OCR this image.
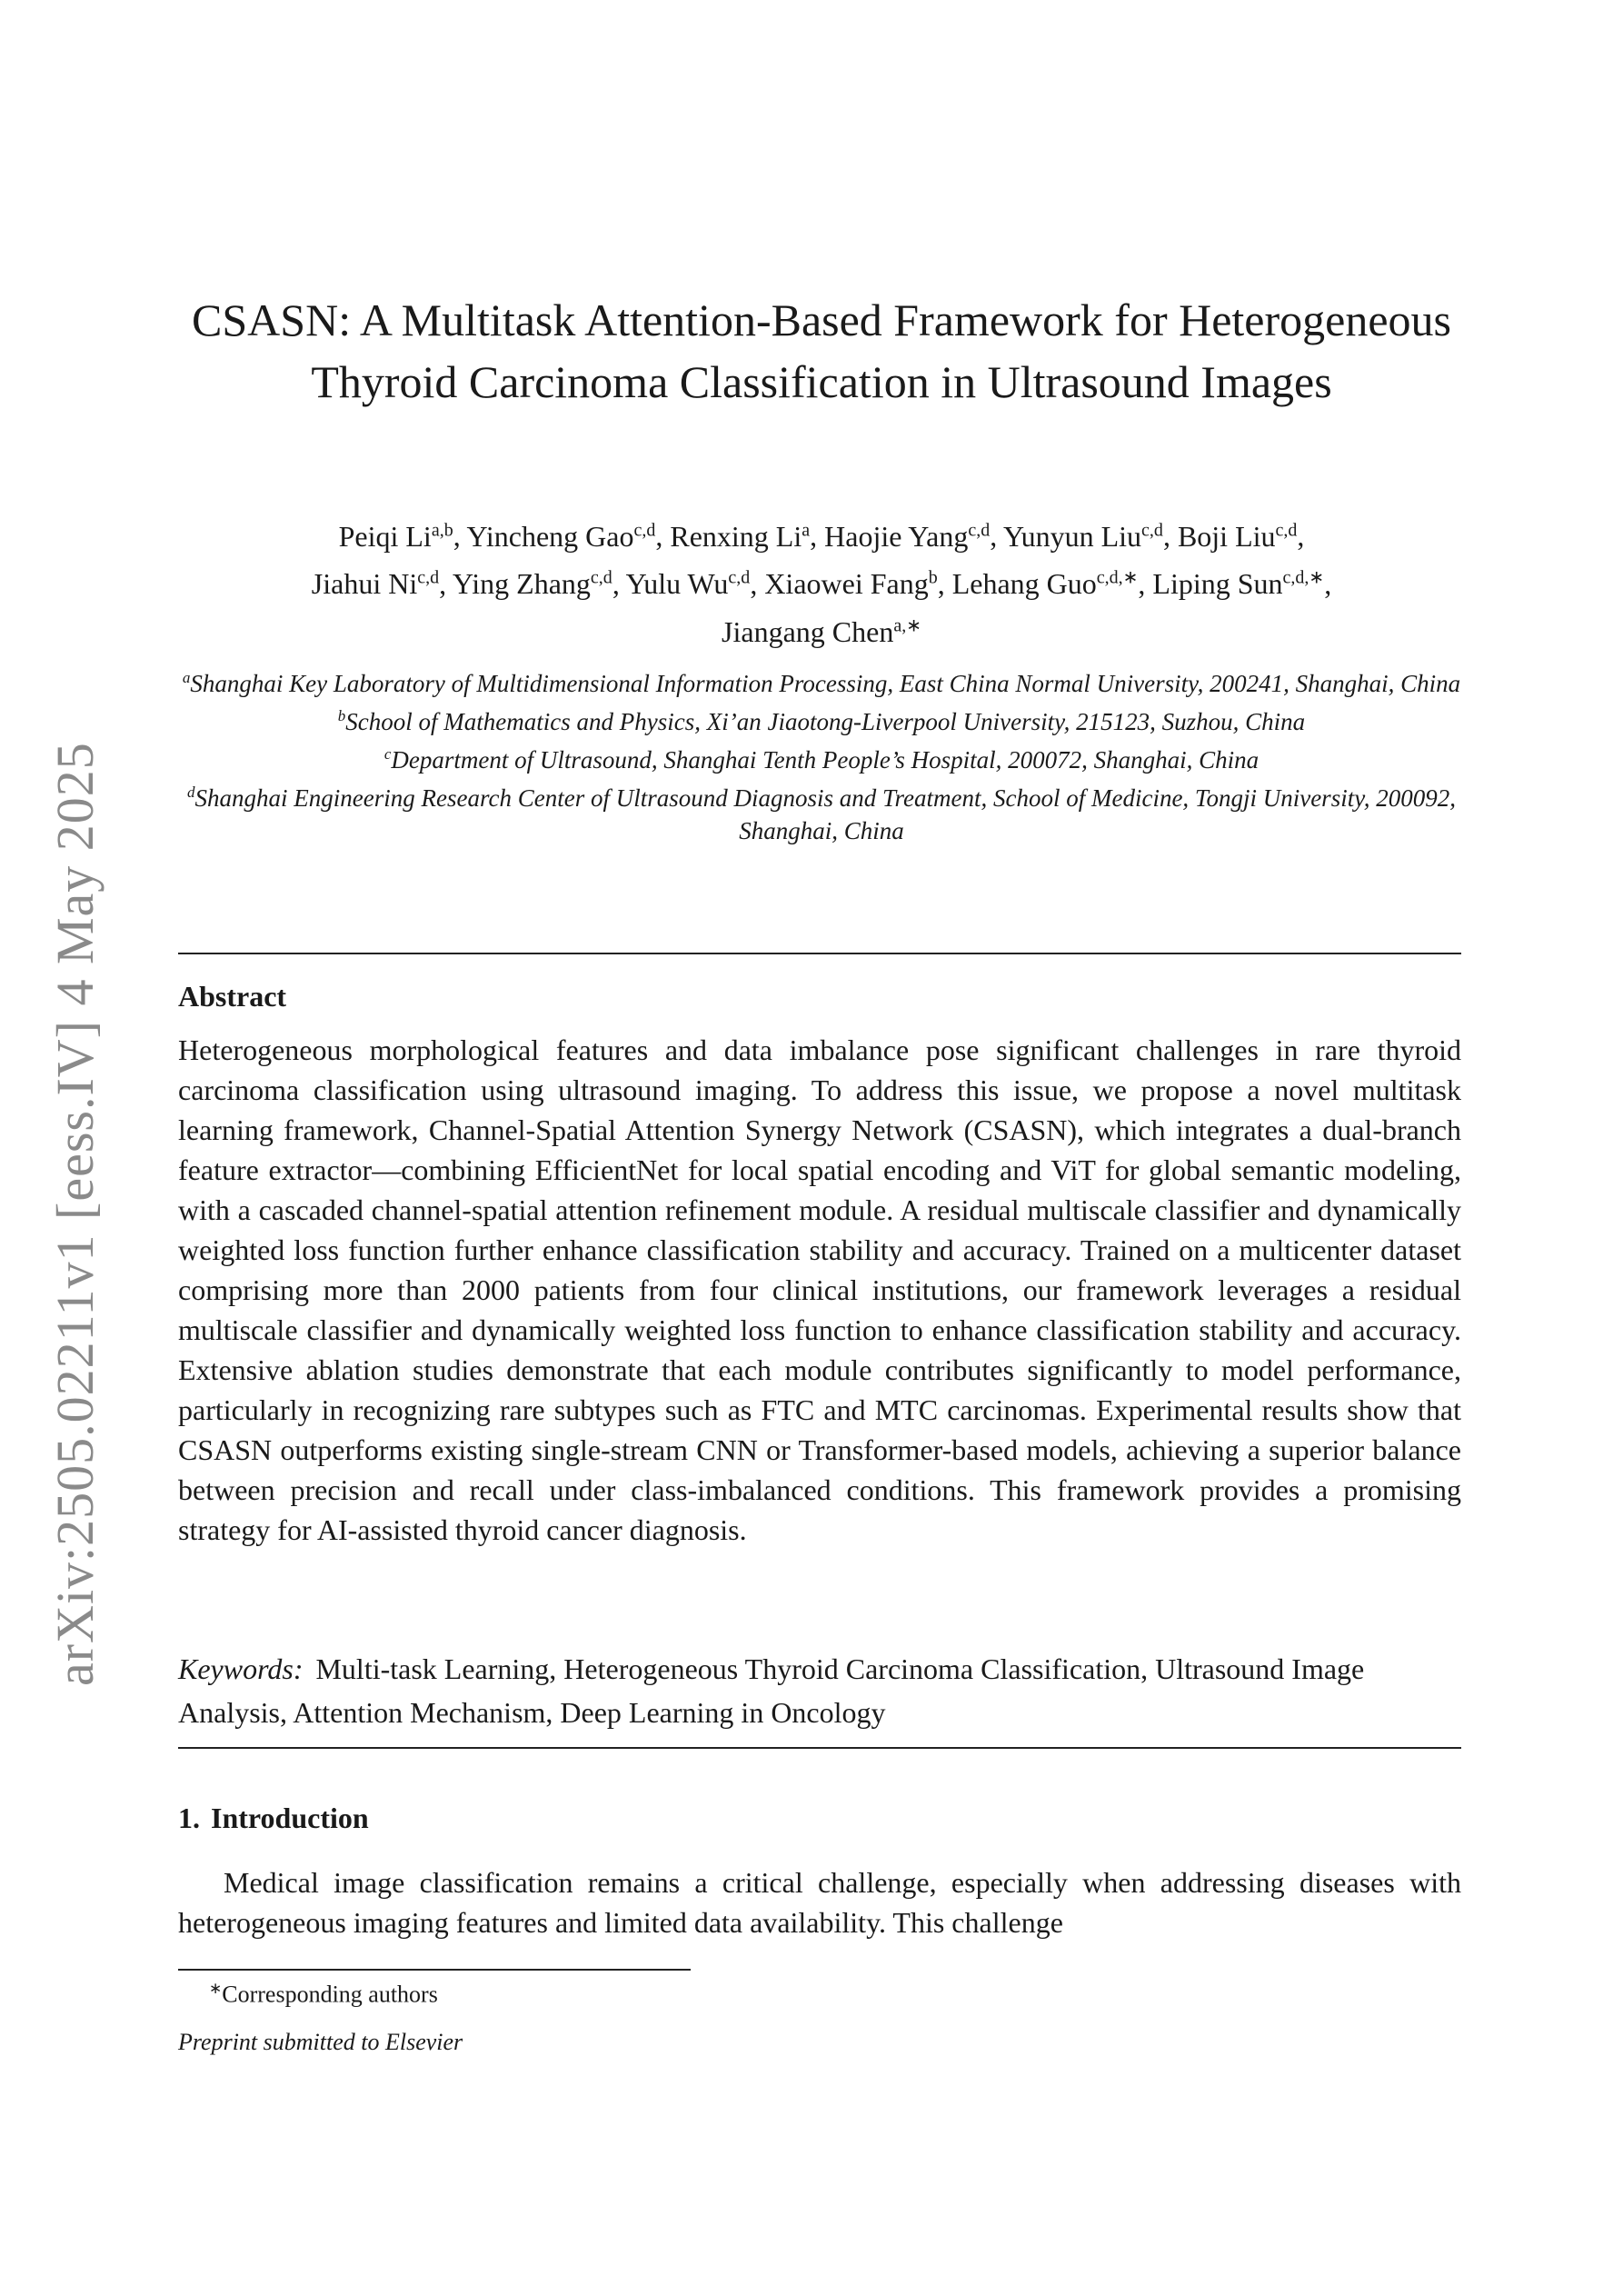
arXiv:2505.02211v1 [eess.IV] 4 May 2025
CSASN: A Multitask Attention-Based Framework for Heterogeneous Thyroid Carcinoma Classification in Ultrasound Images
Peiqi Li$^{a,b}$, Yincheng Gao$^{c,d}$, Renxing Li$^a$, Haojie Yang$^{c,d}$, Yunyun Liu$^{c,d}$, Boji Liu$^{c,d}$,
Jiahui Ni$^{c,d}$, Ying Zhang$^{c,d}$, Yulu Wu$^{c,d}$, Xiaowei Fang$^b$, Lehang Guo$^{c,d,∗}$, Liping Sun$^{c,d,∗}$,
Jiangang Chen$^{a,∗}$
$^a$Shanghai Key Laboratory of Multidimensional Information Processing, East China Normal University, 200241, Shanghai, China
$^b$School of Mathematics and Physics, Xi’an Jiaotong-Liverpool University, 215123, Suzhou, China
$^c$Department of Ultrasound, Shanghai Tenth People’s Hospital, 200072, Shanghai, China
$^d$Shanghai Engineering Research Center of Ultrasound Diagnosis and Treatment, School of Medicine, Tongji University, 200092, Shanghai, China
Abstract
Heterogeneous morphological features and data imbalance pose significant challenges in rare thyroid carcinoma classification using ultrasound imaging. To address this issue, we propose a novel multitask learning framework, Channel-Spatial Attention Synergy Network (CSASN), which integrates a dual-branch feature extractor—combining EfficientNet for local spatial encoding and ViT for global semantic modeling, with a cascaded channel-spatial attention refinement module. A residual multiscale classifier and dynamically weighted loss function further enhance classification stability and accuracy. Trained on a multicenter dataset comprising more than 2000 patients from four clinical institutions, our framework leverages a residual multiscale classifier and dynamically weighted loss function to enhance classification stability and accuracy. Extensive ablation studies demonstrate that each module contributes significantly to model performance, particularly in recognizing rare subtypes such as FTC and MTC carcinomas. Experimental results show that CSASN outperforms existing single-stream CNN or Transformer-based models, achieving a superior balance between precision and recall under class-imbalanced conditions. This framework provides a promising strategy for AI-assisted thyroid cancer diagnosis.
Keywords: Multi-task Learning, Heterogeneous Thyroid Carcinoma Classification, Ultrasound Image Analysis, Attention Mechanism, Deep Learning in Oncology
1. Introduction
Medical image classification remains a critical challenge, especially when addressing diseases with heterogeneous imaging features and limited data availability. This challenge
∗Corresponding authors
Preprint submitted to Elsevier
